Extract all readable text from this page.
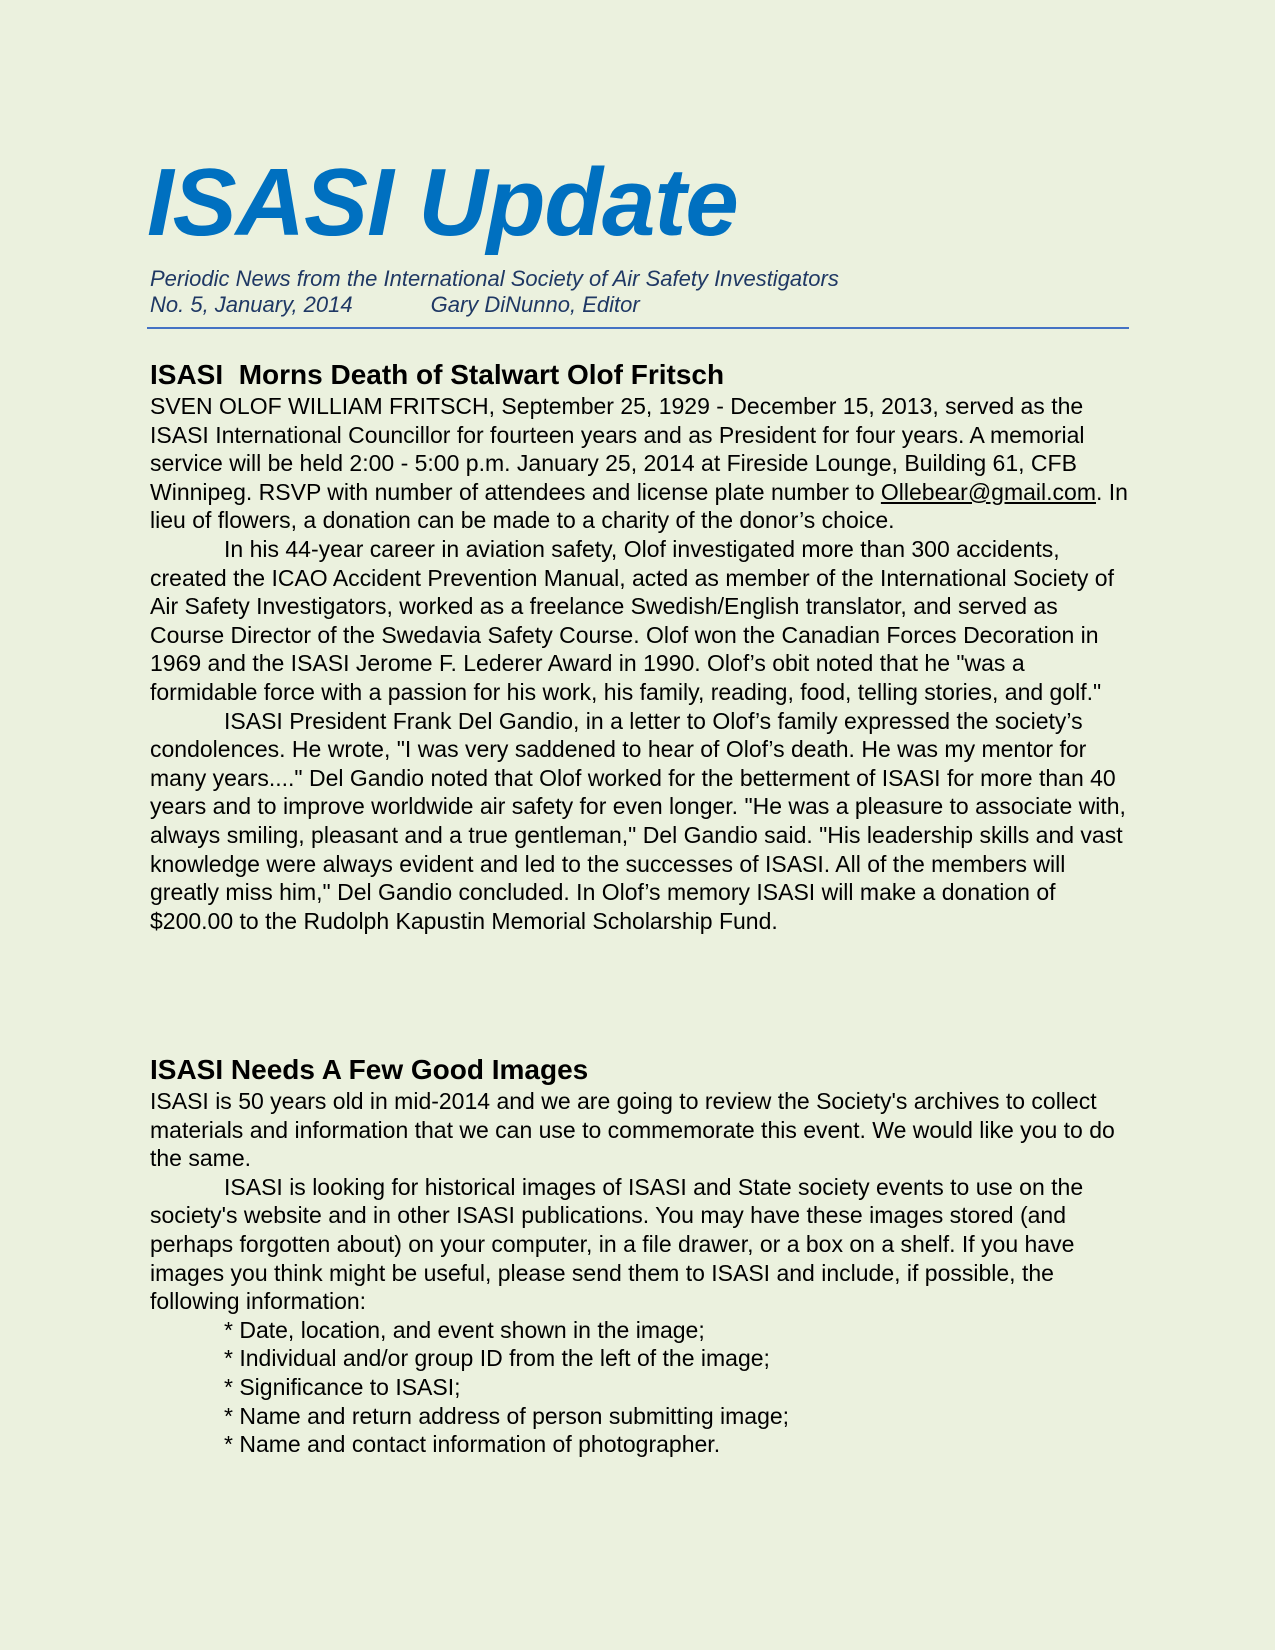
ISASI Update
Periodic News from the International Society of Air Safety Investigators
No. 5, January, 2014	Gary DiNunno, Editor
ISASI  Morns Death of Stalwart Olof Fritsch

SVEN OLOF WILLIAM FRITSCH, September 25, 1929 - December 15, 2013, served as the ISASI International Councillor for fourteen years and as President for four years. A memorial service will be held 2:00 - 5:00 p.m. January 25, 2014 at Fireside Lounge, Building 61, CFB Winnipeg. RSVP with number of attendees and license plate number to Ollebear@gmail.com. In lieu of flowers, a donation can be made to a charity of the donor’s choice.

In his 44-year career in aviation safety, Olof investigated more than 300 accidents, created the ICAO Accident Prevention Manual, acted as member of the International Society of Air Safety Investigators, worked as a freelance Swedish/English translator, and served as Course Director of the Swedavia Safety Course. Olof won the Canadian Forces Decoration in 1969 and the ISASI Jerome F. Lederer Award in 1990. Olof’s obit noted that he "was a formidable force with a passion for his work, his family, reading, food, telling stories, and golf."

ISASI President Frank Del Gandio, in a letter to Olof’s family expressed the society’s condolences. He wrote, "I was very saddened to hear of Olof’s death. He was my mentor for many years...." Del Gandio noted that Olof worked for the betterment of ISASI for more than 40 years and to improve worldwide air safety for even longer. "He was a pleasure to associate with, always smiling, pleasant and a true gentleman," Del Gandio said. "His leadership skills and vast knowledge were always evident and led to the successes of ISASI. All of the members will greatly miss him," Del Gandio concluded. In Olof’s memory ISASI will make a donation of $200.00 to the Rudolph Kapustin Memorial Scholarship Fund.

ISASI Needs A Few Good Images

ISASI is 50 years old in mid-2014 and we are going to review the Society's archives to collect materials and information that we can use to commemorate this event. We would like you to do the same.

ISASI is looking for historical images of ISASI and State society events to use on the society's website and in other ISASI publications. You may have these images stored (and perhaps forgotten about) on your computer, in a file drawer, or a box on a shelf. If you have images you think might be useful, please send them to ISASI and include, if possible, the following information:

* Date, location, and event shown in the image;
* Individual and/or group ID from the left of the image;
* Significance to ISASI;
* Name and return address of person submitting image;
* Name and contact information of photographer.
